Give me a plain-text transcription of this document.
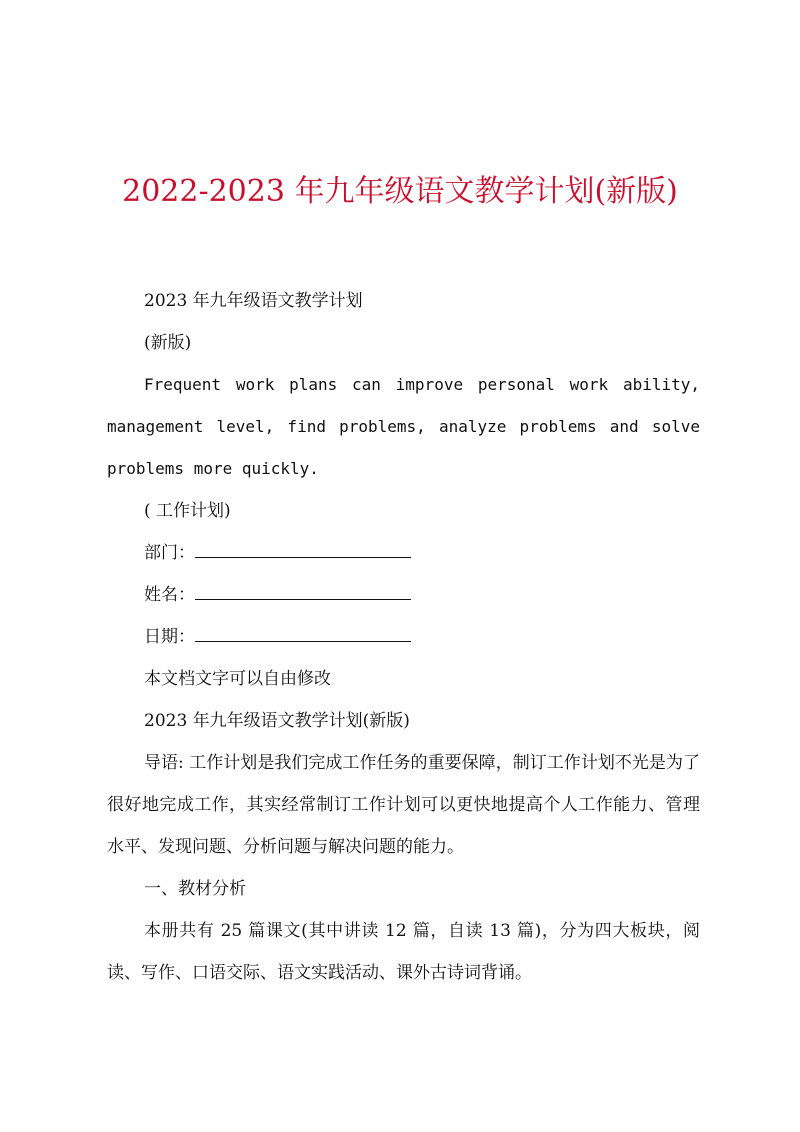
2022-2023 年九年级语文教学计划(新版)

2023 年九年级语文教学计划

(新版)

Frequent work plans can improve personal work ability, management level, find problems, analyze problems and solve problems more quickly.

( 工作计划)

部门：

姓名：

日期：

本文档文字可以自由修改

2023 年九年级语文教学计划(新版)

导语: 工作计划是我们完成工作任务的重要保障，制订工作计划不光是为了很好地完成工作，其实经常制订工作计划可以更快地提高个人工作能力、管理水平、发现问题、分析问题与解决问题的能力。

一、教材分析

本册共有 25 篇课文(其中讲读 12 篇，自读 13 篇)，分为四大板块，阅读、写作、口语交际、语文实践活动、课外古诗词背诵。
